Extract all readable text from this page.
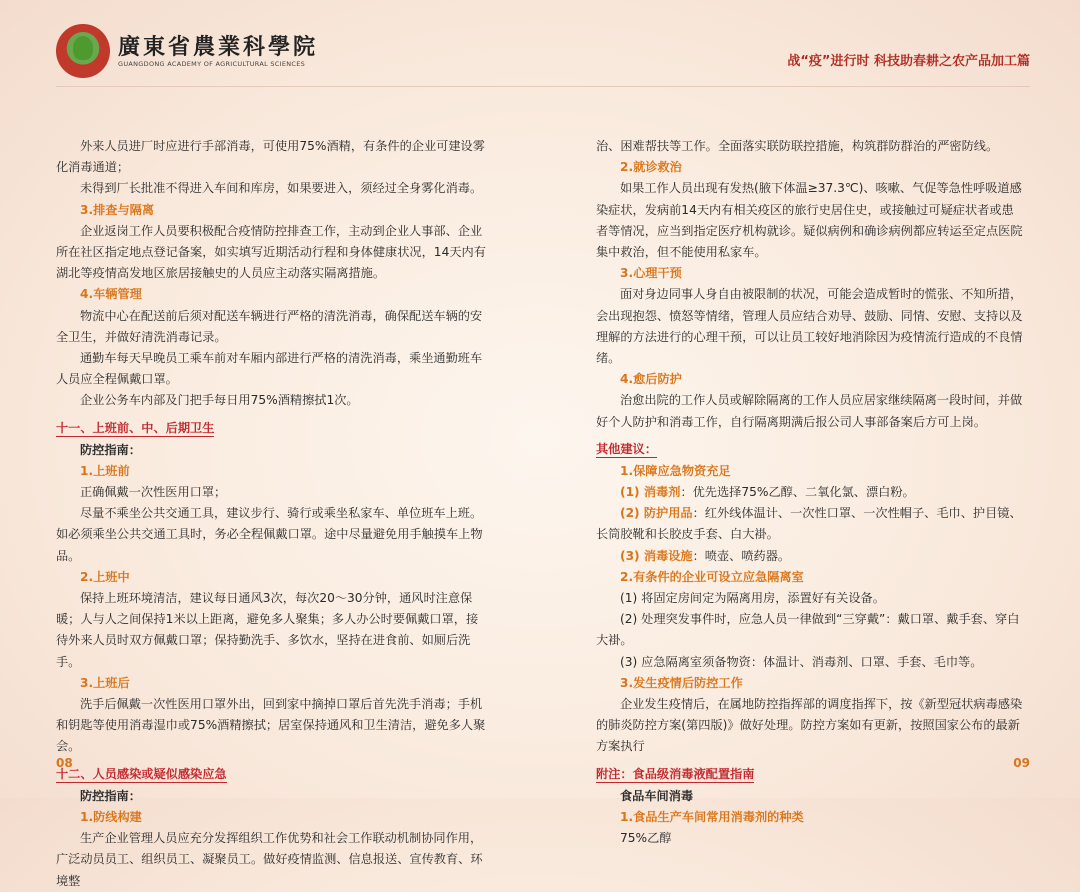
廣東省農業科學院
GUANGDONG ACADEMY OF AGRICULTURAL SCIENCES	战“疫”进行时 科技助春耕之农产品加工篇

外来人员进厂时应进行手部消毒，可使用75%酒精，有条件的企业可建设雾化消毒通道；

未得到厂长批准不得进入车间和库房，如果要进入，须经过全身雾化消毒。

3.排查与隔离

企业返岗工作人员要积极配合疫情防控排查工作，主动到企业人事部、企业所在社区指定地点登记备案，如实填写近期活动行程和身体健康状况，14天内有湖北等疫情高发地区旅居接触史的人员应主动落实隔离措施。

4.车辆管理

物流中心在配送前后须对配送车辆进行严格的清洗消毒，确保配送车辆的安全卫生，并做好清洗消毒记录。

通勤车每天早晚员工乘车前对车厢内部进行严格的清洗消毒，乘坐通勤班车人员应全程佩戴口罩。

企业公务车内部及门把手每日用75%酒精擦拭1次。

十一、上班前、中、后期卫生

防控指南：

1.上班前

正确佩戴一次性医用口罩；

尽量不乘坐公共交通工具，建议步行、骑行或乘坐私家车、单位班车上班。如必须乘坐公共交通工具时，务必全程佩戴口罩。途中尽量避免用手触摸车上物品。

2.上班中

保持上班环境清洁，建议每日通风3次，每次20～30分钟，通风时注意保暖；人与人之间保持1米以上距离，避免多人聚集；多人办公时要佩戴口罩，接待外来人员时双方佩戴口罩；保持勤洗手、多饮水，坚持在进食前、如厕后洗手。

3.上班后

洗手后佩戴一次性医用口罩外出，回到家中摘掉口罩后首先洗手消毒；手机和钥匙等使用消毒湿巾或75%酒精擦拭；居室保持通风和卫生清洁，避免多人聚会。

十二、人员感染或疑似感染应急

防控指南：

1.防线构建

生产企业管理人员应充分发挥组织工作优势和社会工作联动机制协同作用，广泛动员员工、组织员工、凝聚员工。做好疫情监测、信息报送、宣传教育、环境整

治、困难帮扶等工作。全面落实联防联控措施，构筑群防群治的严密防线。

2.就诊救治

如果工作人员出现有发热(腋下体温≥37.3℃)、咳嗽、气促等急性呼吸道感染症状，发病前14天内有相关疫区的旅行史居住史，或接触过可疑症状者或患者等情况，应当到指定医疗机构就诊。疑似病例和确诊病例都应转运至定点医院集中救治，但不能使用私家车。

3.心理干预

面对身边同事人身自由被限制的状况，可能会造成暂时的慌张、不知所措，会出现抱怨、愤怒等情绪，管理人员应结合劝导、鼓励、同情、安慰、支持以及理解的方法进行的心理干预，可以让员工较好地消除因为疫情流行造成的不良情绪。

4.愈后防护

治愈出院的工作人员或解除隔离的工作人员应居家继续隔离一段时间，并做好个人防护和消毒工作，自行隔离期满后报公司人事部备案后方可上岗。

其他建议：

1.保障应急物资充足

(1) 消毒剂：优先选择75%乙醇、二氧化氯、漂白粉。

(2) 防护用品：红外线体温计、一次性口罩、一次性帽子、毛巾、护目镜、长筒胶靴和长胶皮手套、白大褂。

(3) 消毒设施：喷壶、喷药器。

2.有条件的企业可设立应急隔离室

(1) 将固定房间定为隔离用房，添置好有关设备。

(2) 处理突发事件时，应急人员一律做到“三穿戴”：戴口罩、戴手套、穿白大褂。

(3) 应急隔离室须备物资：体温计、消毒剂、口罩、手套、毛巾等。

3.发生疫情后防控工作

企业发生疫情后，在属地防控指挥部的调度指挥下，按《新型冠状病毒感染的肺炎防控方案(第四版)》做好处理。防控方案如有更新，按照国家公布的最新方案执行

附注：食品级消毒液配置指南

食品车间消毒

1.食品生产车间常用消毒剂的种类

75%乙醇

08	09
